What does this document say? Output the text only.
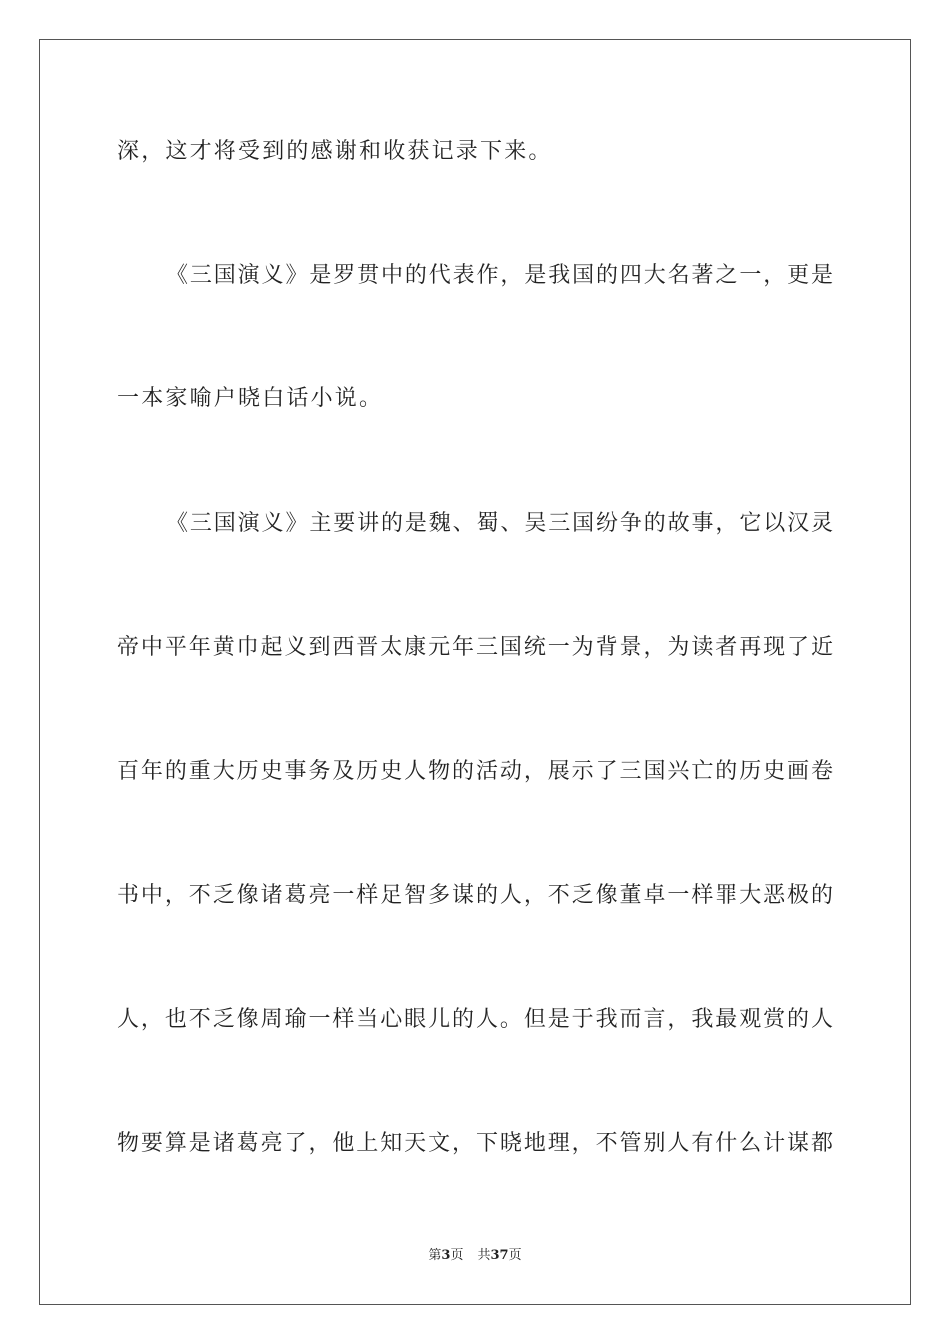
深，这才将受到的感谢和收获记录下来。
《三国演义》是罗贯中的代表作，是我国的四大名著之一，更是
一本家喻户晓白话小说。
《三国演义》主要讲的是魏、蜀、吴三国纷争的故事，它以汉灵
帝中平年黄巾起义到西晋太康元年三国统一为背景，为读者再现了近
百年的重大历史事务及历史人物的活动，展示了三国兴亡的历史画卷
书中，不乏像诸葛亮一样足智多谋的人，不乏像董卓一样罪大恶极的
人，也不乏像周瑜一样当心眼儿的人。但是于我而言，我最观赏的人
物要算是诸葛亮了，他上知天文，下晓地理，不管别人有什么计谋都
第3页 共37页
